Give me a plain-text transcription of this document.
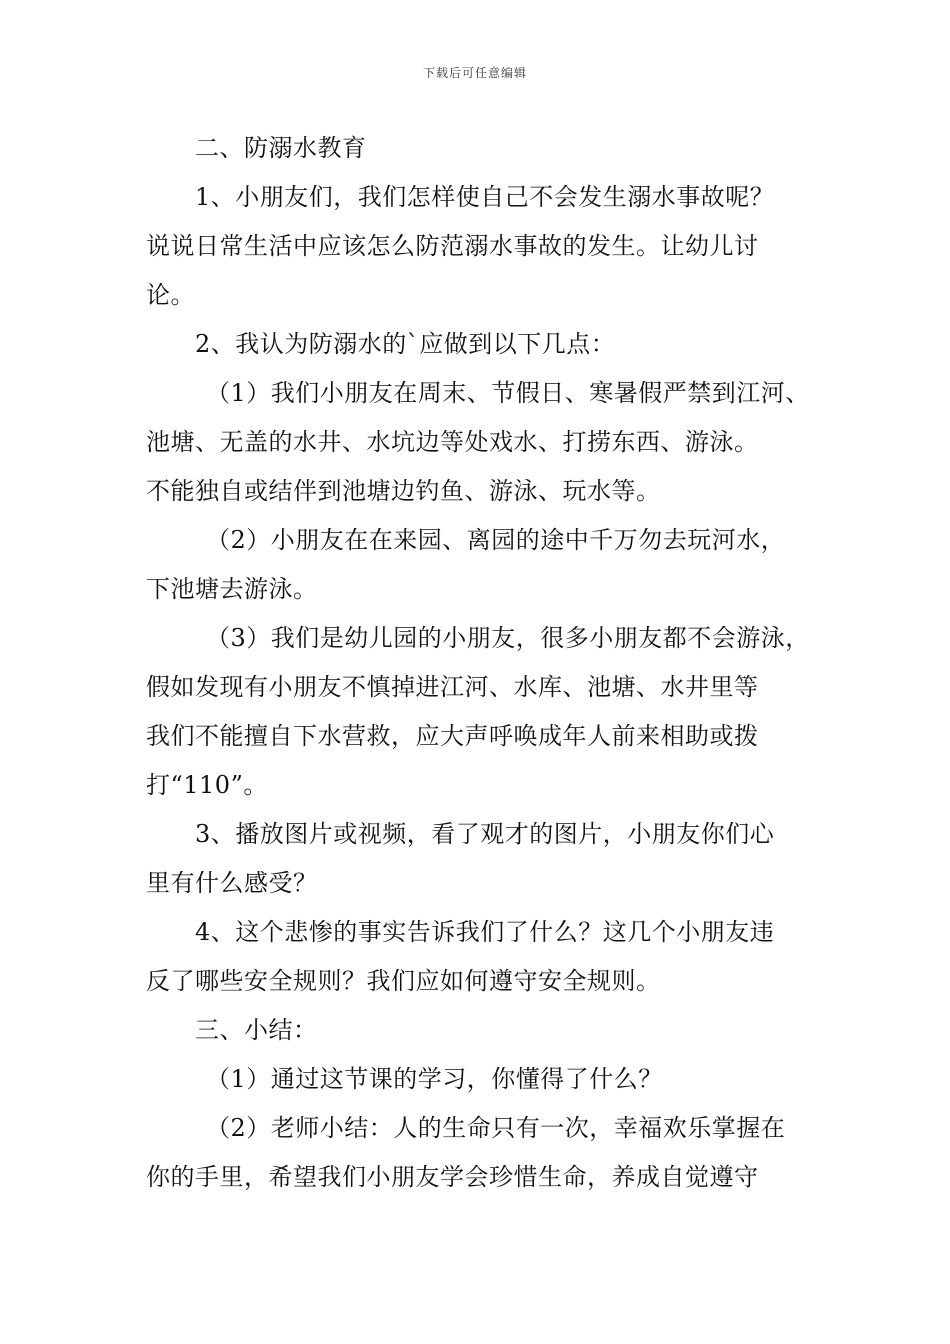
下载后可任意编辑
二、防溺水教育
1、小朋友们，我们怎样使自己不会发生溺水事故呢？
说说日常生活中应该怎么防范溺水事故的发生。让幼儿讨
论。
2、我认为防溺水的`应做到以下几点：
（1）我们小朋友在周末、节假日、寒暑假严禁到江河、
池塘、无盖的水井、水坑边等处戏水、打捞东西、游泳。
不能独自或结伴到池塘边钓鱼、游泳、玩水等。
（2）小朋友在在来园、离园的途中千万勿去玩河水，
下池塘去游泳。
（3）我们是幼儿园的小朋友，很多小朋友都不会游泳，
假如发现有小朋友不慎掉进江河、水库、池塘、水井里等
我们不能擅自下水营救，应大声呼唤成年人前来相助或拨
打“110”。
3、播放图片或视频，看了观才的图片，小朋友你们心
里有什么感受？
4、这个悲惨的事实告诉我们了什么？这几个小朋友违
反了哪些安全规则？我们应如何遵守安全规则。
三、小结：
（1）通过这节课的学习，你懂得了什么？
（2）老师小结：人的生命只有一次，幸福欢乐掌握在
你的手里，希望我们小朋友学会珍惜生命，养成自觉遵守
